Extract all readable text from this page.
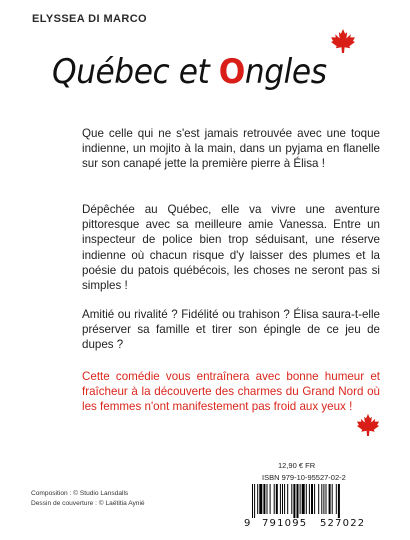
ELYSSEA DI MARCO
Québec et Ongles
Que celle qui ne s'est jamais retrouvée avec une toque indienne, un mojito à la main, dans un pyjama en flanelle sur son canapé jette la première pierre à Élisa !
Dépêchée au Québec, elle va vivre une aventure pittoresque avec sa meilleure amie Vanessa. Entre un inspecteur de police bien trop séduisant, une réserve indienne où chacun risque d'y laisser des plumes et la poésie du patois québécois, les choses ne seront pas si simples !
Amitié ou rivalité ? Fidélité ou trahison ? Élisa saura-t-elle préserver sa famille et tirer son épingle de ce jeu de dupes ?
Cette comédie vous entraînera avec bonne humeur et fraîcheur à la découverte des charmes du Grand Nord où les femmes n'ont manifestement pas froid aux yeux !
12,90 € FR
ISBN 979-10-95527-02-2
Composition : © Studio Lansdalls
Dessin de couverture : © Laëtitia Aynié
9 791095 527022
